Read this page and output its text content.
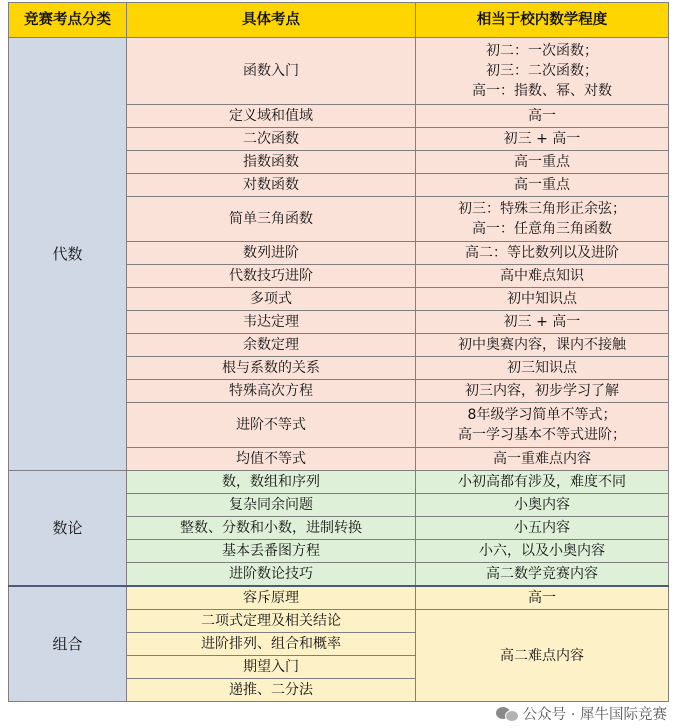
竞赛考点分类	具体考点	相当于校内数学程度
代数	函数入门	初二：一次函数；
初三：二次函数；
高一：指数、幂、对数

	定义域和值域	高一

	二次函数	初三 + 高一

	指数函数	高一重点

	对数函数	高一重点

	简单三角函数	初三：特殊三角形正余弦；
高一：任意角三角函数

	数列进阶	高二：等比数列以及进阶

	代数技巧进阶	高中难点知识

	多项式	初中知识点

	韦达定理	初三 + 高一

	余数定理	初中奥赛内容，课内不接触

	根与系数的关系	初三知识点

	特殊高次方程	初三内容，初步学习了解

	进阶不等式	8年级学习简单不等式；
高一学习基本不等式进阶；

	均值不等式	高一重难点内容

数论	数，数组和序列	小初高都有涉及，难度不同

	复杂同余问题	小奥内容

	整数、分数和小数，进制转换	小五内容

	基本丢番图方程	小六，以及小奥内容

	进阶数论技巧	高二数学竞赛内容

组合	容斥原理	高一
	二项式定理及相关结论	高二难点内容
	进阶排列、组合和概率	
	期望入门	
	递推、二分法	
公众号 · 犀牛国际竞赛
